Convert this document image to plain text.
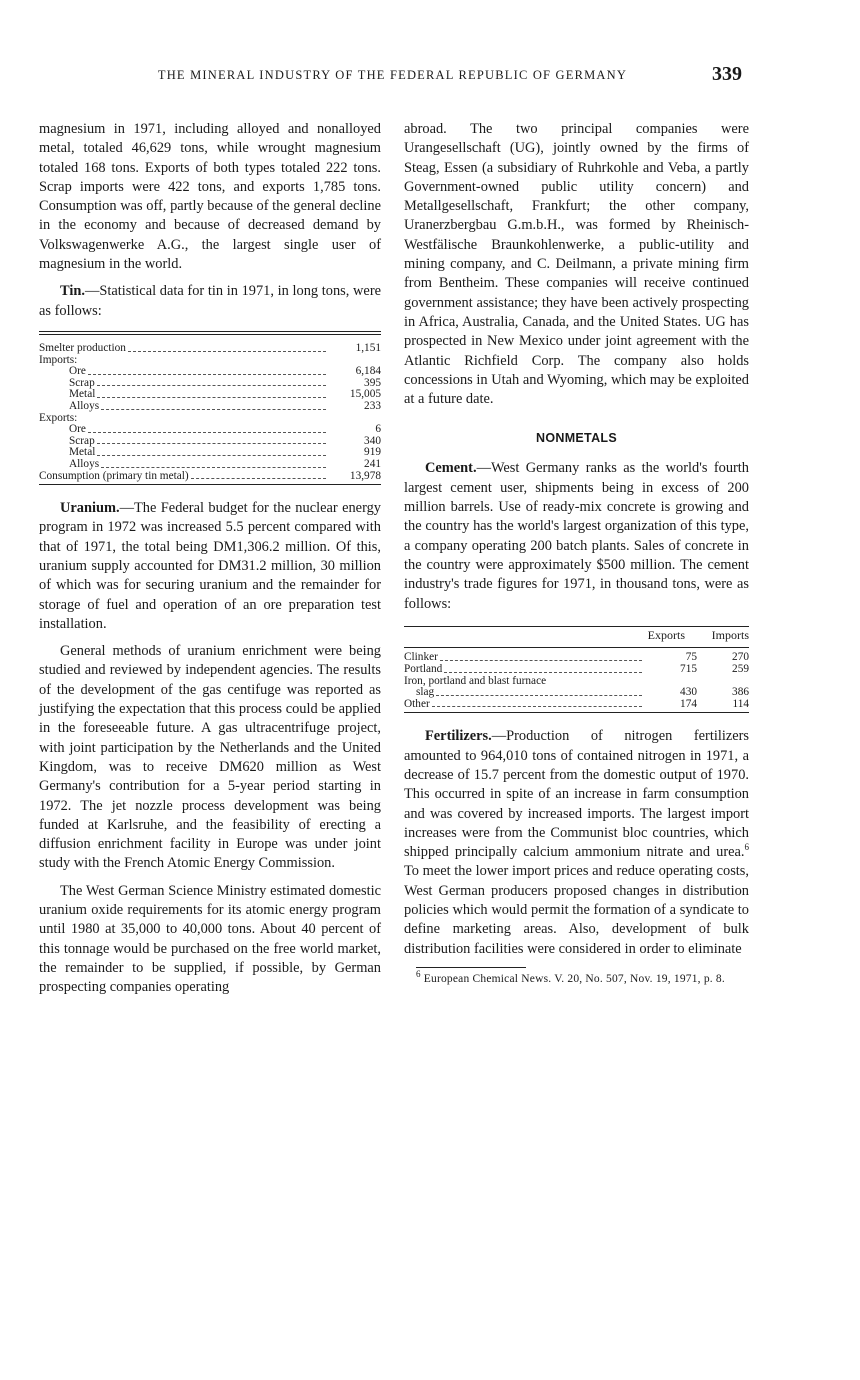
THE MINERAL INDUSTRY OF THE FEDERAL REPUBLIC OF GERMANY	339

magnesium in 1971, including alloyed and nonalloyed metal, totaled 46,629 tons, while wrought magnesium totaled 168 tons. Exports of both types totaled 222 tons. Scrap imports were 422 tons, and exports 1,785 tons. Consumption was off, partly because of the general decline in the economy and because of decreased demand by Volkswagenwerke A.G., the largest single user of magnesium in the world.

Tin.—Statistical data for tin in 1971, in long tons, were as follows:

Smelter production	1,151
Imports:
Ore	6,184
Scrap	395
Metal	15,005
Alloys	233
Exports:
Ore	6
Scrap	340
Metal	919
Alloys	241
Consumption (primary tin metal)	13,978

Uranium.—The Federal budget for the nuclear energy program in 1972 was increased 5.5 percent compared with that of 1971, the total being DM1,306.2 million. Of this, uranium supply accounted for DM31.2 million, 30 million of which was for securing uranium and the remainder for storage of fuel and operation of an ore preparation test installation.

General methods of uranium enrichment were being studied and reviewed by independent agencies. The results of the development of the gas centifuge was reported as justifying the expectation that this process could be applied in the foreseeable future. A gas ultracentrifuge project, with joint participation by the Netherlands and the United Kingdom, was to receive DM620 million as West Germany's contribution for a 5-year period starting in 1972. The jet nozzle process development was being funded at Karlsruhe, and the feasibility of erecting a diffusion enrichment facility in Europe was under joint study with the French Atomic Energy Commission.

The West German Science Ministry estimated domestic uranium oxide requirements for its atomic energy program until 1980 at 35,000 to 40,000 tons. About 40 percent of this tonnage would be purchased on the free world market, the remainder to be supplied, if possible, by German prospecting companies operating

abroad. The two principal companies were Urangesellschaft (UG), jointly owned by the firms of Steag, Essen (a subsidiary of Ruhrkohle and Veba, a partly Government-owned public utility concern) and Metallgesellschaft, Frankfurt; the other company, Uranerzbergbau G.m.b.H., was formed by Rheinisch-Westfälische Braunkohlenwerke, a public-utility and mining company, and C. Deilmann, a private mining firm from Bentheim. These companies will receive continued government assistance; they have been actively prospecting in Africa, Australia, Canada, and the United States. UG has prospected in New Mexico under joint agreement with the Atlantic Richfield Corp. The company also holds concessions in Utah and Wyoming, which may be exploited at a future date.

NONMETALS

Cement.—West Germany ranks as the world's fourth largest cement user, shipments being in excess of 200 million barrels. Use of ready-mix concrete is growing and the country has the world's largest organization of this type, a company operating 200 batch plants. Sales of concrete in the country were approximately $500 million. The cement industry's trade figures for 1971, in thousand tons, were as follows:

Exports	Imports
Clinker	75	270
Portland	715	259
Iron, portland and blast furnace
slag	430	386
Other	174	114

Fertilizers.—Production of nitrogen fertilizers amounted to 964,010 tons of contained nitrogen in 1971, a decrease of 15.7 percent from the domestic output of 1970. This occurred in spite of an increase in farm consumption and was covered by increased imports. The largest import increases were from the Communist bloc countries, which shipped principally calcium ammonium nitrate and urea.$^6$ To meet the lower import prices and reduce operating costs, West German producers proposed changes in distribution policies which would permit the formation of a syndicate to define marketing areas. Also, development of bulk distribution facilities were considered in order to eliminate

$^6$ European Chemical News. V. 20, No. 507, Nov. 19, 1971, p. 8.
